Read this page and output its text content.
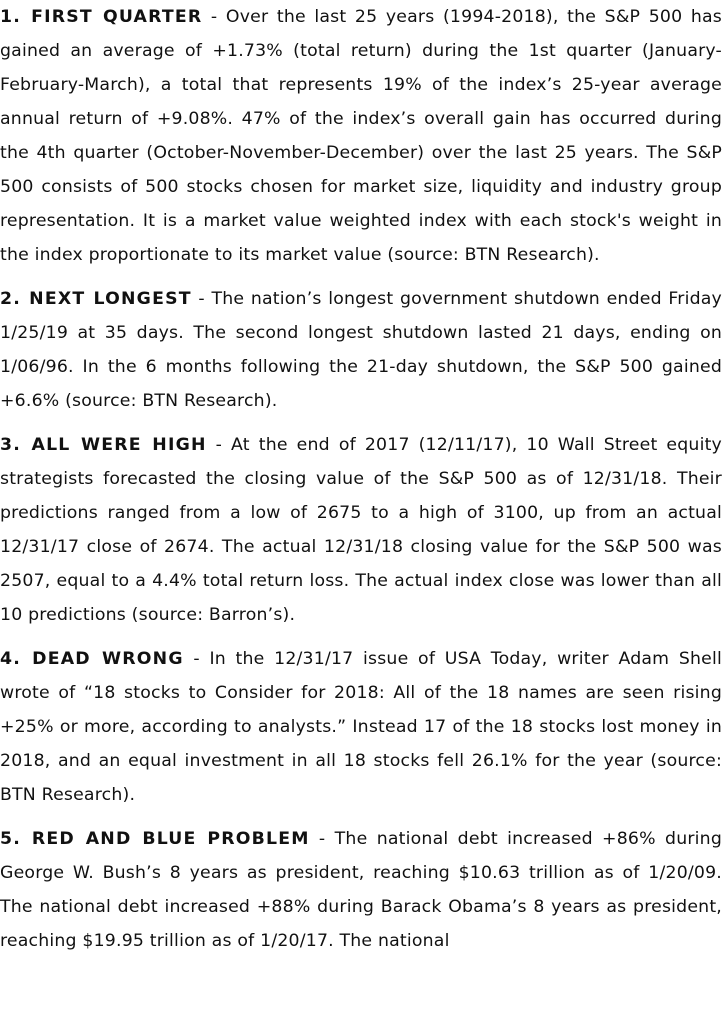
1. FIRST QUARTER - Over the last 25 years (1994-2018), the S&P 500 has gained an average of +1.73% (total return) during the 1st quarter (January-February-March), a total that represents 19% of the index’s 25-year average annual return of +9.08%. 47% of the index’s overall gain has occurred during the 4th quarter (October-November-December) over the last 25 years. The S&P 500 consists of 500 stocks chosen for market size, liquidity and industry group representation. It is a market value weighted index with each stock's weight in the index proportionate to its market value (source: BTN Research).

2. NEXT LONGEST - The nation’s longest government shutdown ended Friday 1/25/19 at 35 days. The second longest shutdown lasted 21 days, ending on 1/06/96. In the 6 months following the 21-day shutdown, the S&P 500 gained +6.6% (source: BTN Research).

3. ALL WERE HIGH - At the end of 2017 (12/11/17), 10 Wall Street equity strategists forecasted the closing value of the S&P 500 as of 12/31/18. Their predictions ranged from a low of 2675 to a high of 3100, up from an actual 12/31/17 close of 2674. The actual 12/31/18 closing value for the S&P 500 was 2507, equal to a 4.4% total return loss. The actual index close was lower than all 10 predictions (source: Barron’s).

4. DEAD WRONG - In the 12/31/17 issue of USA Today, writer Adam Shell wrote of “18 stocks to Consider for 2018: All of the 18 names are seen rising +25% or more, according to analysts.” Instead 17 of the 18 stocks lost money in 2018, and an equal investment in all 18 stocks fell 26.1% for the year (source: BTN Research).

5. RED AND BLUE PROBLEM - The national debt increased +86% during George W. Bush’s 8 years as president, reaching $10.63 trillion as of 1/20/09. The national debt increased +88% during Barack Obama’s 8 years as president, reaching $19.95 trillion as of 1/20/17. The national
